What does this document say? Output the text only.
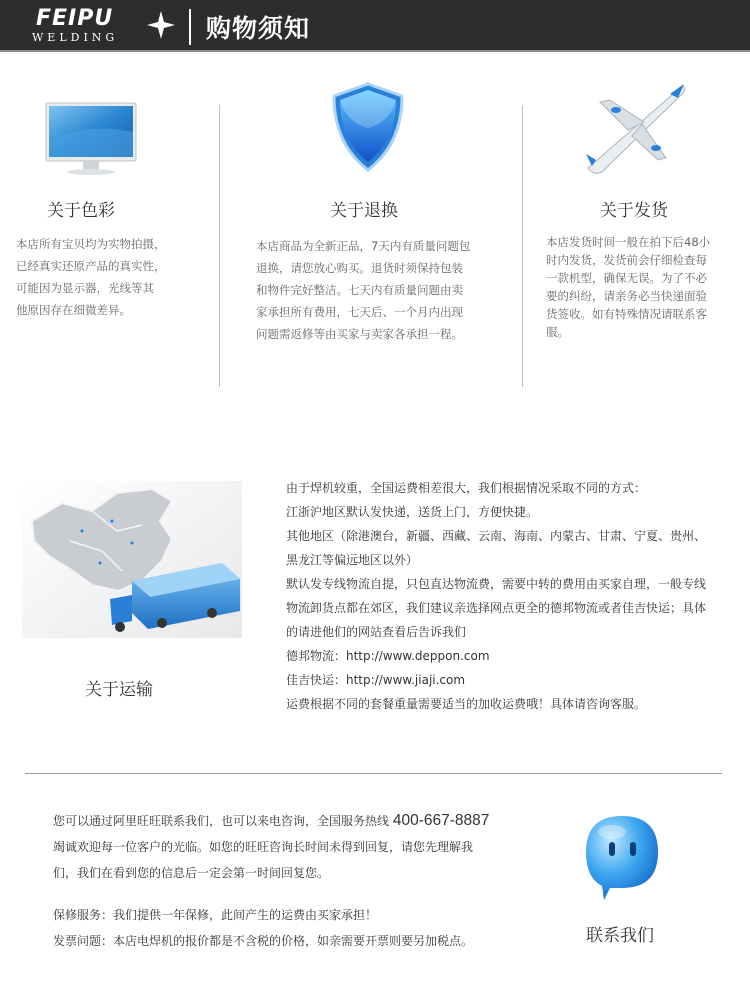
FEIPU
WELDING	购物须知
关于色彩
本店所有宝贝均为实物拍摄，
已经真实还原产品的真实性，
可能因为显示器，光线等其
他原因存在细微差异。
关于退换
本店商品为全新正品，7天内有质量问题包
退换，请您放心购买。退货时须保持包装
和物件完好整洁。七天内有质量问题由卖
家承担所有费用，七天后、一个月内出现
问题需返修等由买家与卖家各承担一程。
关于发货
本店发货时间一般在拍下后48小
时内发货，发货前会仔细检查每
一款机型，确保无误。为了不必
要的纠纷，请亲务必当快递面验
货签收。如有特殊情况请联系客
服。
关于运输
由于焊机较重，全国运费相差很大，我们根据情况采取不同的方式：
江浙沪地区默认发快递，送货上门，方便快捷。
其他地区（除港澳台，新疆、西藏、云南、海南、内蒙古、甘肃、宁夏、贵州、
黑龙江等偏远地区以外）
默认发专线物流自提，只包直达物流费，需要中转的费用由买家自理，一般专线
物流卸货点都在郊区，我们建议亲选择网点更全的德邦物流或者佳吉快运；具体
的请进他们的网站查看后告诉我们
德邦物流：http://www.deppon.com
佳吉快运：http://www.jiaji.com
运费根据不同的套餐重量需要适当的加收运费哦！具体请咨询客服。
您可以通过阿里旺旺联系我们，也可以来电咨询，全国服务热线 400-667-8887
竭诚欢迎每一位客户的光临。如您的旺旺咨询长时间未得到回复，请您先理解我
们，我们在看到您的信息后一定会第一时间回复您。
保修服务：我们提供一年保修，此间产生的运费由买家承担！
发票问题：本店电焊机的报价都是不含税的价格，如亲需要开票则要另加税点。	联系我们
